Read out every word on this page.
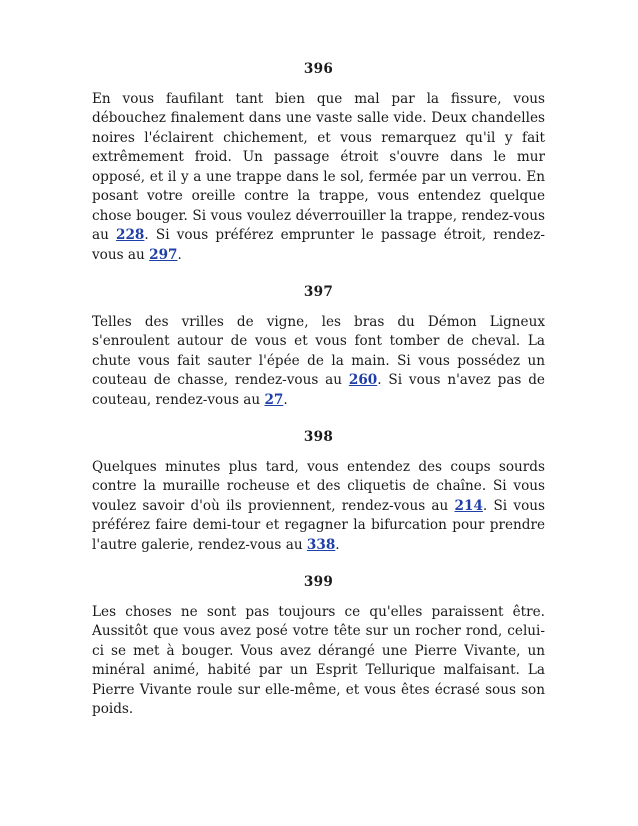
396

En vous faufilant tant bien que mal par la fissure, vous débouchez finalement dans une vaste salle vide. Deux chandelles noires l'éclairent chichement, et vous remarquez qu'il y fait extrêmement froid. Un passage étroit s'ouvre dans le mur opposé, et il y a une trappe dans le sol, fermée par un verrou. En posant votre oreille contre la trappe, vous entendez quelque chose bouger. Si vous voulez déverrouiller la trappe, rendez-vous au 228. Si vous préférez emprunter le passage étroit, rendez-vous au 297.

397

Telles des vrilles de vigne, les bras du Démon Ligneux s'enroulent autour de vous et vous font tomber de cheval. La chute vous fait sauter l'épée de la main. Si vous possédez un couteau de chasse, rendez-vous au 260. Si vous n'avez pas de couteau, rendez-vous au 27.

398

Quelques minutes plus tard, vous entendez des coups sourds contre la muraille rocheuse et des cliquetis de chaîne. Si vous voulez savoir d'où ils proviennent, rendez-vous au 214. Si vous préférez faire demi-tour et regagner la bifurcation pour prendre l'autre galerie, rendez-vous au 338.

399

Les choses ne sont pas toujours ce qu'elles paraissent être. Aussitôt que vous avez posé votre tête sur un rocher rond, celui-ci se met à bouger. Vous avez dérangé une Pierre Vivante, un minéral animé, habité par un Esprit Tellurique malfaisant. La Pierre Vivante roule sur elle-même, et vous êtes écrasé sous son poids.
